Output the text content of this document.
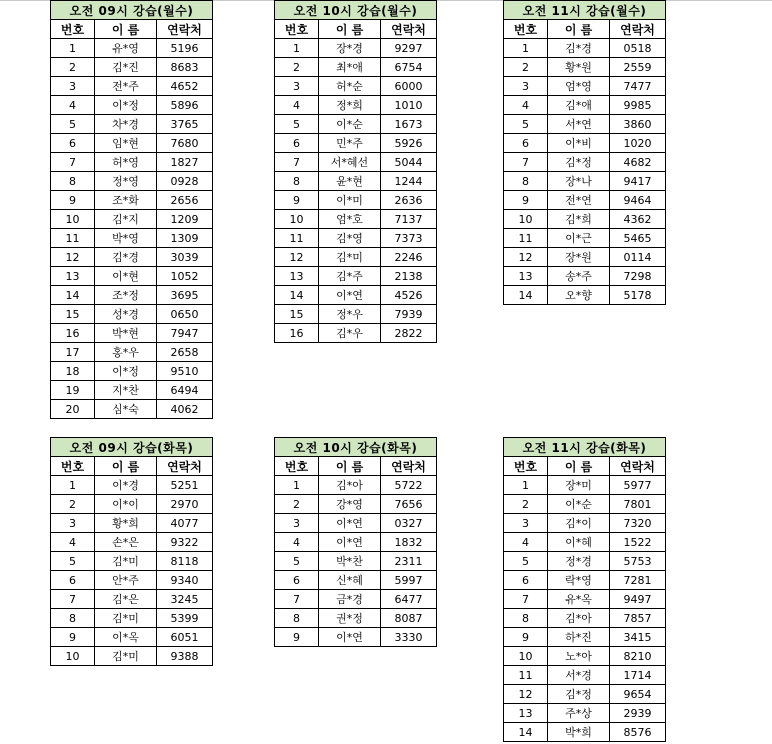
오전 09시 강습(월수)		
번호	이 름	연락처
1	유*영	5196
2	김*진	8683
3	전*주	4652
4	이*정	5896
5	차*경	3765
6	임*현	7680
7	허*영	1827
8	정*영	0928
9	조*화	2656
10	김*지	1209
11	박*영	1309
12	김*경	3039
13	이*현	1052
14	조*정	3695
15	성*경	0650
16	박*현	7947
17	홍*우	2658
18	이*정	9510
19	지*찬	6494
20	심*숙	4062
오전 10시 강습(월수)		
번호	이 름	연락처
1	장*경	9297
2	최*애	6754
3	허*순	6000
4	정*희	1010
5	이*순	1673
6	민*주	5926
7	서*혜선	5044
8	윤*현	1244
9	이*미	2636
10	엄*호	7137
11	김*영	7373
12	김*미	2246
13	김*주	2138
14	이*연	4526
15	정*우	7939
16	김*우	2822
오전 11시 강습(월수)		
번호	이 름	연락처
1	김*경	0518
2	황*원	2559
3	엄*영	7477
4	김*애	9985
5	서*연	3860
6	이*비	1020
7	김*정	4682
8	장*나	9417
9	전*연	9464
10	김*희	4362
11	이*근	5465
12	장*원	0114
13	송*주	7298
14	오*향	5178
오전 09시 강습(화목)		
번호	이 름	연락처
1	이*경	5251
2	이*이	2970
3	황*희	4077
4	손*은	9322
5	김*미	8118
6	안*주	9340
7	김*은	3245
8	김*미	5399
9	이*옥	6051
10	김*미	9388
오전 10시 강습(화목)		
번호	이 름	연락처
1	김*아	5722
2	강*영	7656
3	이*연	0327
4	이*연	1832
5	박*찬	2311
6	신*혜	5997
7	금*경	6477
8	권*정	8087
9	이*연	3330
오전 11시 강습(화목)		
번호	이 름	연락처
1	장*미	5977
2	이*순	7801
3	김*이	7320
4	이*혜	1522
5	정*경	5753
6	락*영	7281
7	유*옥	9497
8	김*아	7857
9	하*진	3415
10	노*아	8210
11	서*경	1714
12	김*정	9654
13	주*상	2939
14	박*희	8576
